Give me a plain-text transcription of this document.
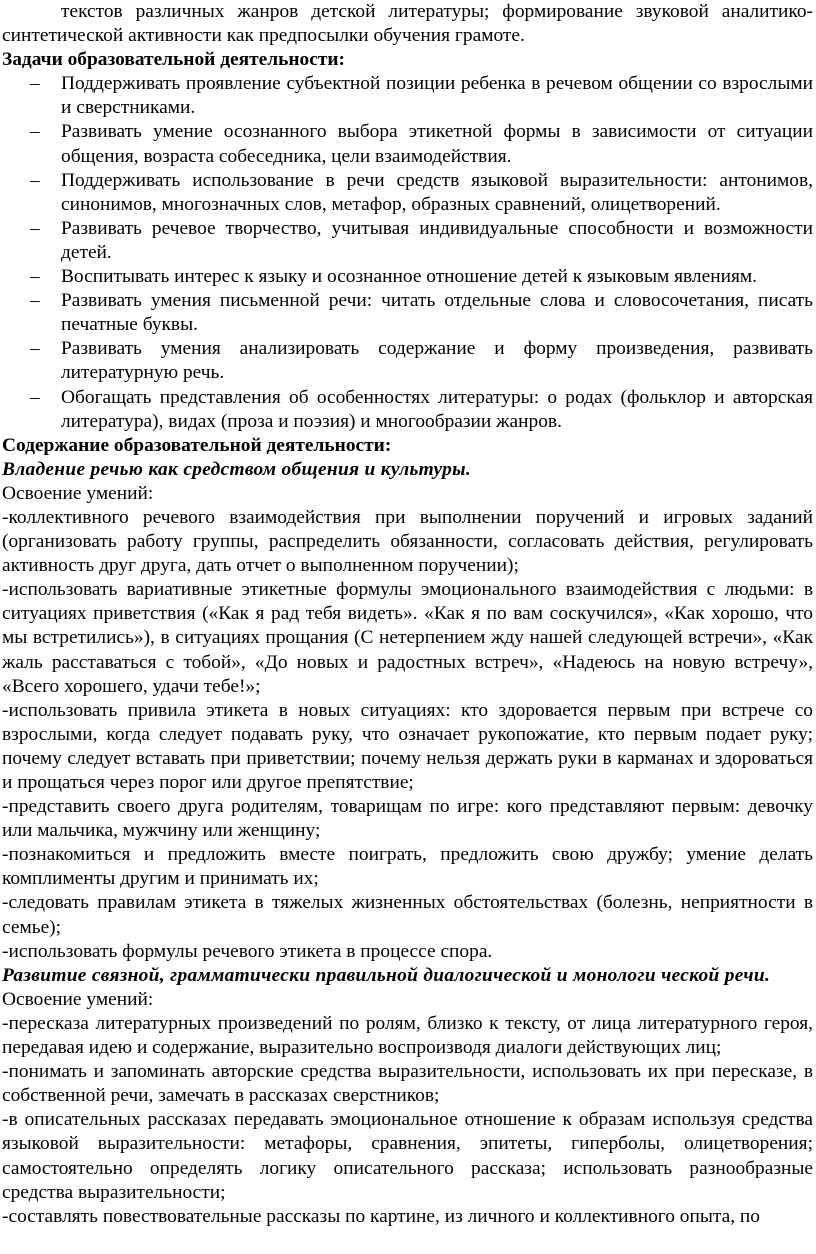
текстов различных жанров детской литературы; формирование звуковой аналитико-синтетической активности как предпосылки обучения грамоте.

Задачи образовательной деятельности:

– Поддерживать проявление субъектной позиции ребенка в речевом общении со взрослыми и сверстниками.
– Развивать умение осознанного выбора этикетной формы в зависимости от ситуации общения, возраста собеседника, цели взаимодействия.
– Поддерживать использование в речи средств языковой выразительности: антонимов, синонимов, многозначных слов, метафор, образных сравнений, олицетворений.
– Развивать речевое творчество, учитывая индивидуальные способности и возможности детей.
– Воспитывать интерес к языку и осознанное отношение детей к языковым явлениям.
– Развивать умения письменной речи: читать отдельные слова и словосочетания, писать печатные буквы.
– Развивать умения анализировать содержание и форму произведения, развивать литературную речь.
– Обогащать представления об особенностях литературы: о родах (фольклор и авторская литература), видах (проза и поэзия) и многообразии жанров.

Содержание образовательной деятельности:

Владение речью как средством общения и культуры.

Освоение умений:

-коллективного речевого взаимодействия при выполнении поручений и игровых заданий (организовать работу группы, распределить обязанности, согласовать действия, регулировать активность друг друга, дать отчет о выполненном поручении);

-использовать вариативные этикетные формулы эмоционального взаимодействия с людьми: в ситуациях приветствия («Как я рад тебя видеть». «Как я по вам соскучился», «Как хорошо, что мы встретились»), в ситуациях прощания (С нетерпением жду нашей следующей встречи», «Как жаль расставаться с тобой», «До новых и радостных встреч», «Надеюсь на новую встречу», «Всего хорошего, удачи тебе!»;

-использовать привила этикета в новых ситуациях: кто здоровается первым при встрече со взрослыми, когда следует подавать руку, что означает рукопожатие, кто первым подает руку; почему следует вставать при приветствии; почему нельзя держать руки в карманах и здороваться и прощаться через порог или другое препятствие;

-представить своего друга родителям, товарищам по игре: кого представляют первым: девочку или мальчика, мужчину или женщину;

-познакомиться и предложить вместе поиграть, предложить свою дружбу; умение делать комплименты другим и принимать их;

-следовать правилам этикета в тяжелых жизненных обстоятельствах (болезнь, неприятности в семье);

-использовать формулы речевого этикета в процессе спора.

Развитие связной, грамматически правильной диалогической и монологи ческой речи.

Освоение умений:

-пересказа литературных произведений по ролям, близко к тексту, от лица литературного героя, передавая идею и содержание, выразительно воспроизводя диалоги действующих лиц;

-понимать и запоминать авторские средства выразительности, использовать их при пересказе, в собственной речи, замечать в рассказах сверстников;

-в описательных рассказах передавать эмоциональное отношение к образам используя средства языковой выразительности: метафоры, сравнения, эпитеты, гиперболы, олицетворения; самостоятельно определять логику описательного рассказа; использовать разнообразные средства выразительности;

-составлять повествовательные рассказы по картине, из личного и коллективного опыта, по
